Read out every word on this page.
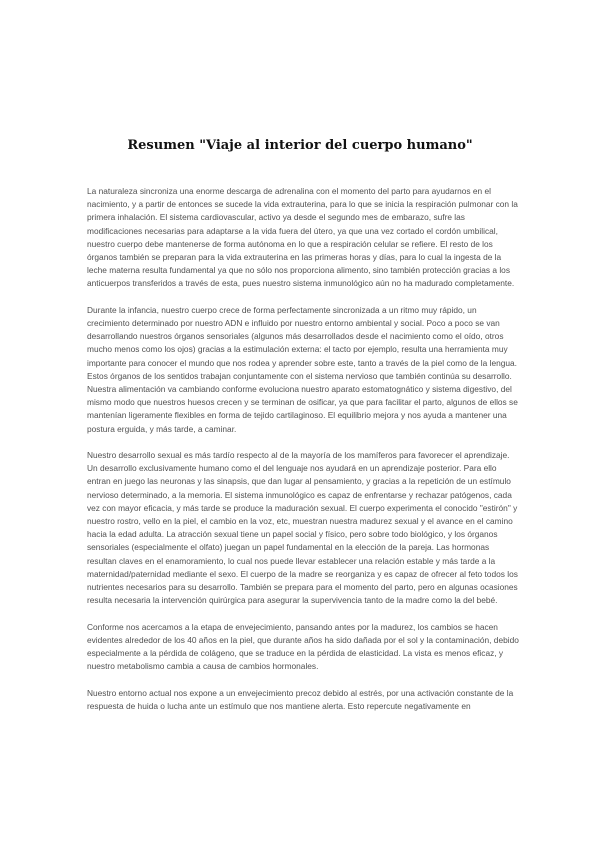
Resumen "Viaje al interior del cuerpo humano"

La naturaleza sincroniza una enorme descarga de adrenalina con el momento del parto para ayudarnos en el nacimiento, y a partir de entonces se sucede la vida extrauterina, para lo que se inicia la respiración pulmonar con la primera inhalación. El sistema cardiovascular, activo ya desde el segundo mes de embarazo, sufre las modificaciones necesarias para adaptarse a la vida fuera del útero, ya que una vez cortado el cordón umbilical, nuestro cuerpo debe mantenerse de forma autónoma en lo que a respiración celular se refiere. El resto de los órganos también se preparan para la vida extrauterina en las primeras horas y días, para lo cual la ingesta de la leche materna resulta fundamental ya que no sólo nos proporciona alimento, sino también protección gracias a los anticuerpos transferidos a través de esta, pues nuestro sistema inmunológico aún no ha madurado completamente.

Durante la infancia, nuestro cuerpo crece de forma perfectamente sincronizada a un ritmo muy rápido, un crecimiento determinado por nuestro ADN e influido por nuestro entorno ambiental y social. Poco a poco se van desarrollando nuestros órganos sensoriales (algunos más desarrollados desde el nacimiento como el oído, otros mucho menos como los ojos) gracias a la estimulación externa: el tacto por ejemplo, resulta una herramienta muy importante para conocer el mundo que nos rodea y aprender sobre este, tanto a través de la piel como de la lengua. Estos órganos de los sentidos trabajan conjuntamente con el sistema nervioso que también continúa su desarrollo. Nuestra alimentación va cambiando conforme evoluciona nuestro aparato estomatognático y sistema digestivo, del mismo modo que nuestros huesos crecen y se terminan de osificar, ya que para facilitar el parto, algunos de ellos se mantenían ligeramente flexibles en forma de tejido cartilaginoso. El equilibrio mejora y nos ayuda a mantener una postura erguida, y más tarde, a caminar.

Nuestro desarrollo sexual es más tardío respecto al de la mayoría de los mamíferos para favorecer el aprendizaje. Un desarrollo exclusivamente humano como el del lenguaje nos ayudará en un aprendizaje posterior. Para ello entran en juego las neuronas y las sinapsis, que dan lugar al pensamiento, y gracias a la repetición de un estímulo nervioso determinado, a la memoria. El sistema inmunológico es capaz de enfrentarse y rechazar patógenos, cada vez con mayor eficacia, y más tarde se produce la maduración sexual. El cuerpo experimenta el conocido "estirón" y nuestro rostro, vello en la piel, el cambio en la voz, etc, muestran nuestra madurez sexual y el avance en el camino hacia la edad adulta. La atracción sexual tiene un papel social y físico, pero sobre todo biológico, y los órganos sensoriales (especialmente el olfato) juegan un papel fundamental en la elección de la pareja. Las hormonas resultan claves en el enamoramiento, lo cual nos puede llevar establecer una relación estable y más tarde a la maternidad/paternidad mediante el sexo. El cuerpo de la madre se reorganiza y es capaz de ofrecer al feto todos los nutrientes necesarios para su desarrollo. También se prepara para el momento del parto, pero en algunas ocasiones resulta necesaria la intervención quirúrgica para asegurar la supervivencia tanto de la madre como la del bebé.

Conforme nos acercamos a la etapa de envejecimiento, pansando antes por la madurez, los cambios se hacen evidentes alrededor de los 40 años en la piel, que durante años ha sido dañada por el sol y la contaminación, debido especialmente a la pérdida de colágeno, que se traduce en la pérdida de elasticidad. La vista es menos eficaz, y nuestro metabolismo cambia a causa de cambios hormonales.

Nuestro entorno actual nos expone a un envejecimiento precoz debido al estrés, por una activación constante de la respuesta de huida o lucha ante un estímulo que nos mantiene alerta. Esto repercute negativamente en
